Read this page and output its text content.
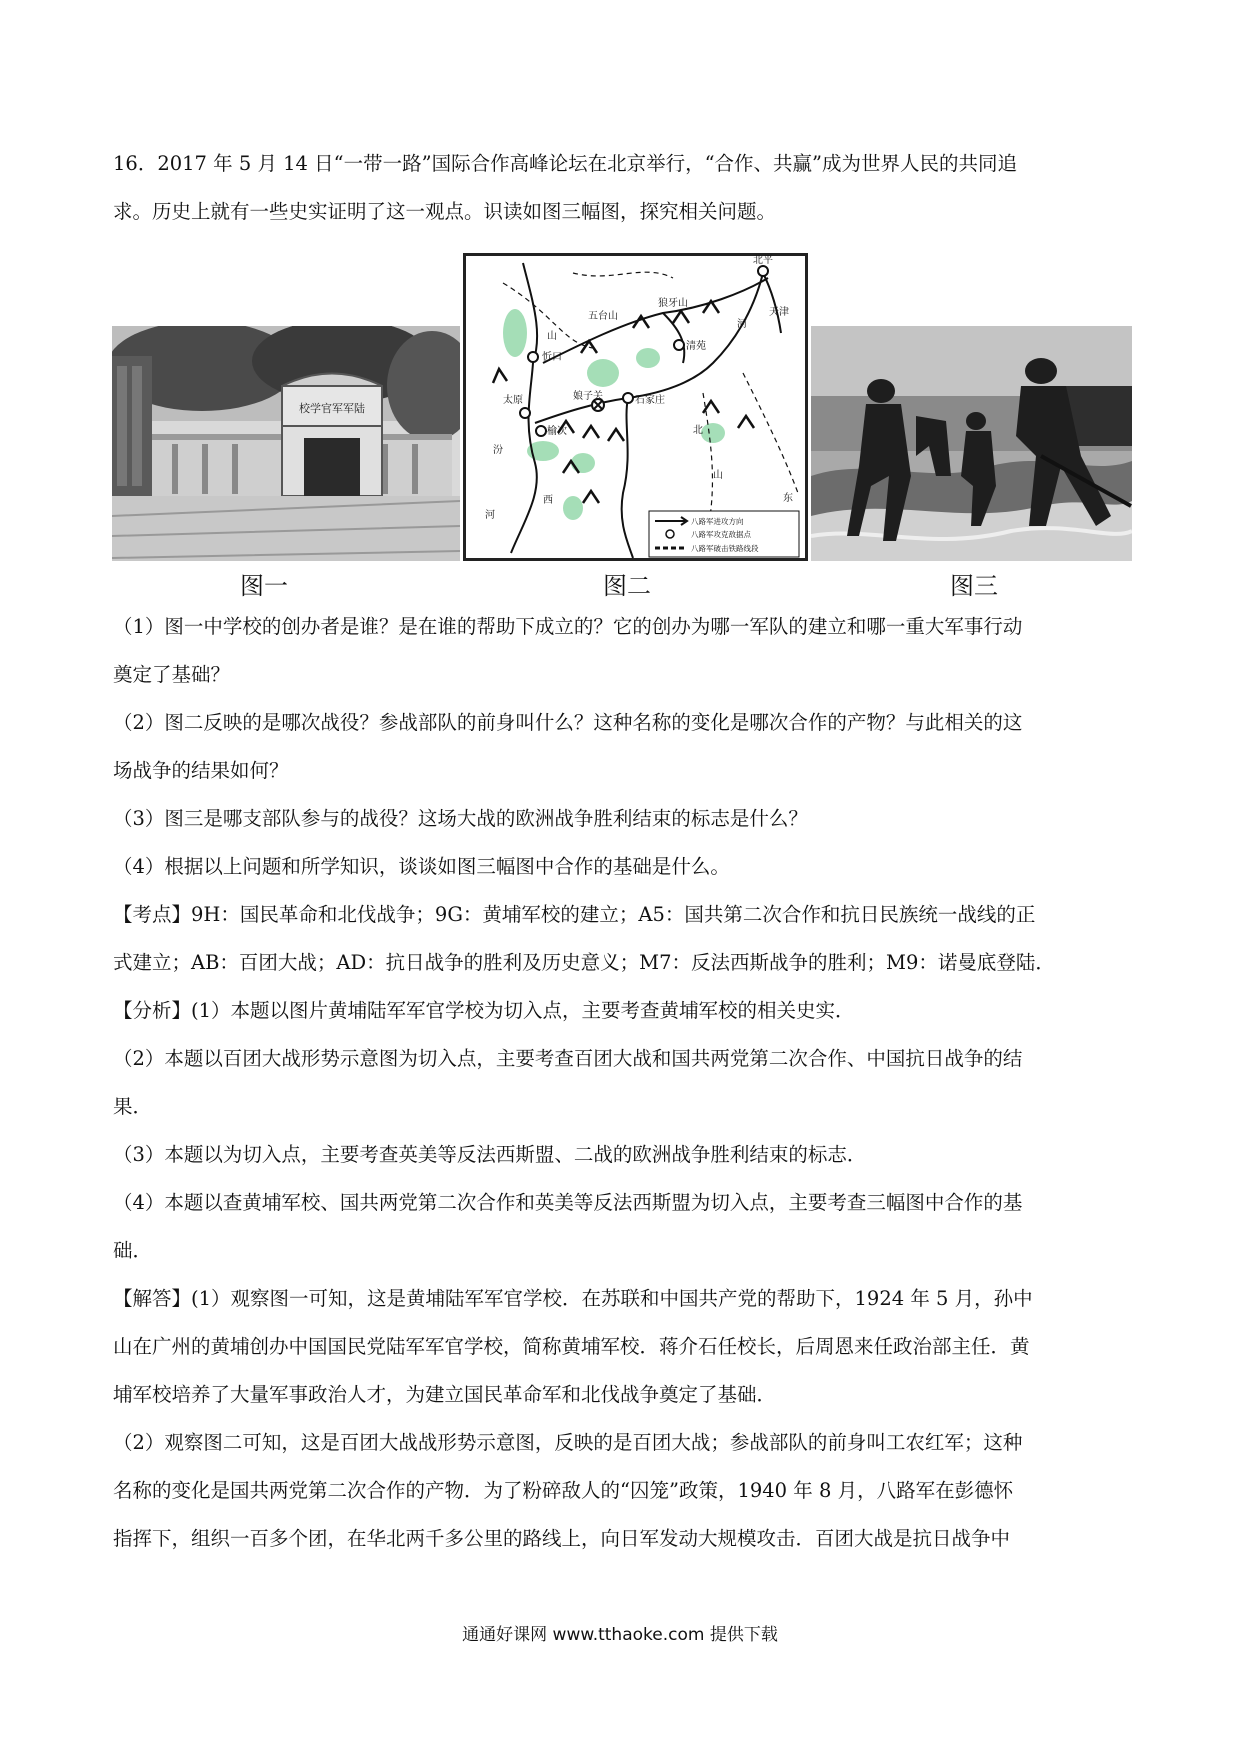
16．2017 年 5 月 14 日“一带一路”国际合作高峰论坛在北京举行，“合作、共赢”成为世界人民的共同追
求。历史上就有一些史实证明了这一观点。识读如图三幅图，探究相关问题。
校学官军军陆
图一
北平
天津
五台山
狼牙山
清苑
山
忻口
河
太原	娘子关	石家庄
榆次	北
汾
西
山
东
河
八路军进攻方向
八路军攻克敌据点
八路军破击铁路线段
图二	图三
（1）图一中学校的创办者是谁？是在谁的帮助下成立的？它的创办为哪一军队的建立和哪一重大军事行动
奠定了基础？
（2）图二反映的是哪次战役？参战部队的前身叫什么？这种名称的变化是哪次合作的产物？与此相关的这
场战争的结果如何？
（3）图三是哪支部队参与的战役？这场大战的欧洲战争胜利结束的标志是什么？
（4）根据以上问题和所学知识，谈谈如图三幅图中合作的基础是什么。
【考点】9H：国民革命和北伐战争；9G：黄埔军校的建立；A5：国共第二次合作和抗日民族统一战线的正
式建立；AB：百团大战；AD：抗日战争的胜利及历史意义；M7：反法西斯战争的胜利；M9：诺曼底登陆．
【分析】(1）本题以图片黄埔陆军军官学校为切入点，主要考查黄埔军校的相关史实．
（2）本题以百团大战形势示意图为切入点，主要考查百团大战和国共两党第二次合作、中国抗日战争的结
果．
（3）本题以为切入点，主要考查英美等反法西斯盟、二战的欧洲战争胜利结束的标志．
（4）本题以查黄埔军校、国共两党第二次合作和英美等反法西斯盟为切入点，主要考查三幅图中合作的基
础．
【解答】(1）观察图一可知，这是黄埔陆军军官学校．在苏联和中国共产党的帮助下，1924 年 5 月，孙中
山在广州的黄埔创办中国国民党陆军军官学校，简称黄埔军校．蒋介石任校长，后周恩来任政治部主任．黄
埔军校培养了大量军事政治人才，为建立国民革命军和北伐战争奠定了基础．
（2）观察图二可知，这是百团大战战形势示意图，反映的是百团大战；参战部队的前身叫工农红军；这种
名称的变化是国共两党第二次合作的产物．为了粉碎敌人的“囚笼”政策，1940 年 8 月，八路军在彭德怀
指挥下，组织一百多个团，在华北两千多公里的路线上，向日军发动大规模攻击．百团大战是抗日战争中
通通好课网 www.tthaoke.com 提供下载
